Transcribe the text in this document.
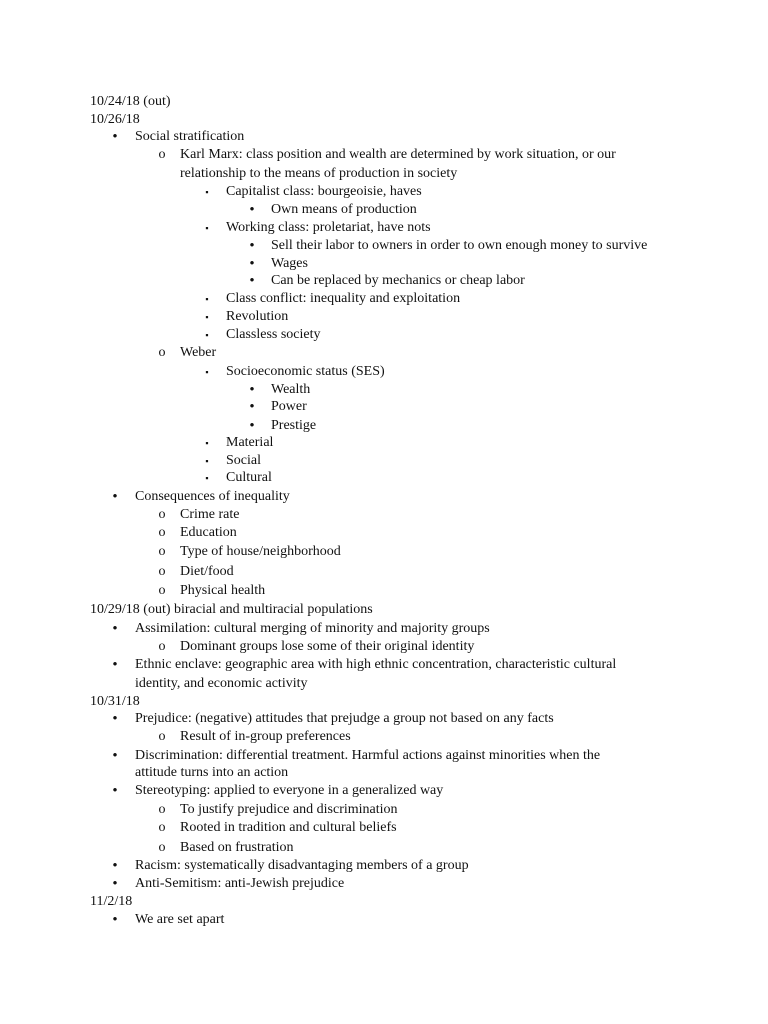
10/24/18 (out)
10/26/18
•	Social stratification
o Karl Marx: class position and wealth are determined by work situation, or our
relationship to the means of production in society
▪	Capitalist class: bourgeoisie, haves
•	Own means of production
▪	Working class: proletariat, have nots
•	Sell their labor to owners in order to own enough money to survive
•	Wages
•	Can be replaced by mechanics or cheap labor
▪	Class conflict: inequality and exploitation
▪	Revolution
▪	Classless society
o Weber
▪	Socioeconomic status (SES)
•	Wealth
•	Power
•	Prestige
▪	Material
▪	Social
▪	Cultural
•	Consequences of inequality
o Crime rate
o Education
o Type of house/neighborhood
o Diet/food
o Physical health
10/29/18 (out) biracial and multiracial populations
•	Assimilation: cultural merging of minority and majority groups
o Dominant groups lose some of their original identity
•	Ethnic enclave: geographic area with high ethnic concentration, characteristic cultural
identity, and economic activity
10/31/18
•	Prejudice: (negative) attitudes that prejudge a group not based on any facts
o Result of in-group preferences
•	Discrimination: differential treatment. Harmful actions against minorities when the
attitude turns into an action
•	Stereotyping: applied to everyone in a generalized way
o To justify prejudice and discrimination
o Rooted in tradition and cultural beliefs
o Based on frustration
•	Racism: systematically disadvantaging members of a group
•	Anti-Semitism: anti-Jewish prejudice
11/2/18
•	We are set apart
